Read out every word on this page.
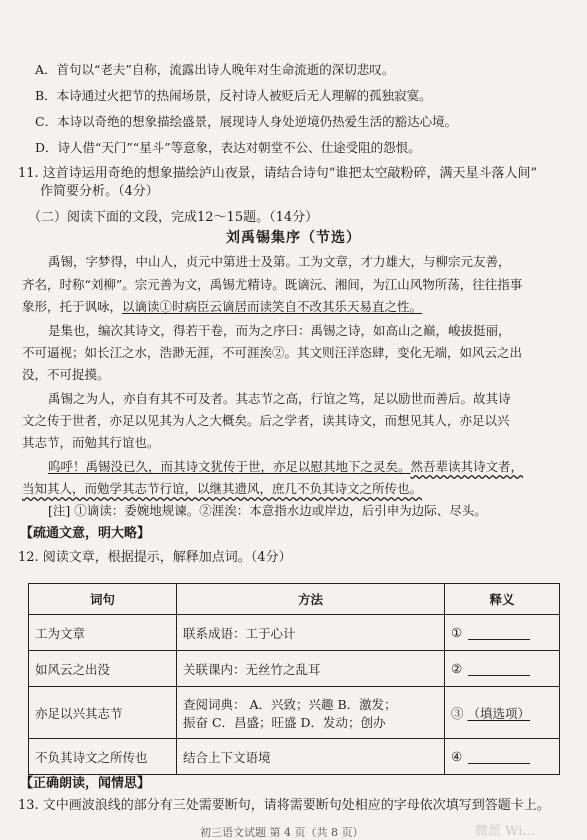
A．首句以“老夫”自称，流露出诗人晚年对生命流逝的深切悲叹。
B．本诗通过火把节的热闹场景，反衬诗人被贬后无人理解的孤独寂寞。
C．本诗以奇绝的想象描绘盛景，展现诗人身处逆境仍热爱生活的豁达心境。
D．诗人借“天门”“星斗”等意象，表达对朝堂不公、仕途受阻的怨恨。
11. 这首诗运用奇绝的想象描绘泸山夜景，请结合诗句“谁把太空敲粉碎，满天星斗落人间”
作简要分析。（4分）
（二）阅读下面的文段，完成12～15题。（14分）
刘禹锡集序（节选）
禹锡，字梦得，中山人，贞元中第进士及第。工为文章，才力雄大，与柳宗元友善，
齐名，时称“刘柳”。宗元善为文，禹锡尤精诗。既谪沅、湘间，为江山风物所荡，往往指事
象形，托于讽咏，以谪读①时病臣云谪居而读笑自不改其乐天易直之性。
是集也，编次其诗文，得若干卷，而为之序曰：禹锡之诗，如高山之巅，峻拔挺丽，
不可逼视；如长江之水，浩渺无涯，不可涯涘②。其文则汪洋恣肆，变化无端，如风云之出
没，不可捉摸。
禹锡之为人，亦自有其不可及者。其志节之高，行谊之笃，足以励世而善后。故其诗
文之传于世者，亦足以见其为人之大概矣。后之学者，读其诗文，而想见其人，亦足以兴
其志节，而勉其行谊也。
呜呼！禹锡没已久，而其诗文犹传于世，亦足以慰其地下之灵矣。然吾辈读其诗文者，
当知其人，而勉学其志节行谊，以继其遗风，庶几不负其诗文之所传也。
[注] ①谪读：委婉地规谏。②涯涘：本意指水边或岸边，后引申为边际、尽头。
【疏通文意，明大略】
12. 阅读文章，根据提示，解释加点词。（4分）
词句	方法	释义
工为文章	联系成语：工于心计	①
如风云之出没	关联课内：无丝竹之乱耳	②
亦足以兴其志节	查阅词典： A．兴致；兴趣 B．激发；
振奋 C．昌盛；旺盛 D．发动；创办	③ （填选项）
不负其诗文之所传也	结合上下文语境	④
【正确朗读，闻情思】
13. 文中画波浪线的部分有三处需要断句，请将需要断句处相应的字母依次填写到答题卡上。
初三语文试题 第 4 页（共 8 页）	微派 Wi...
